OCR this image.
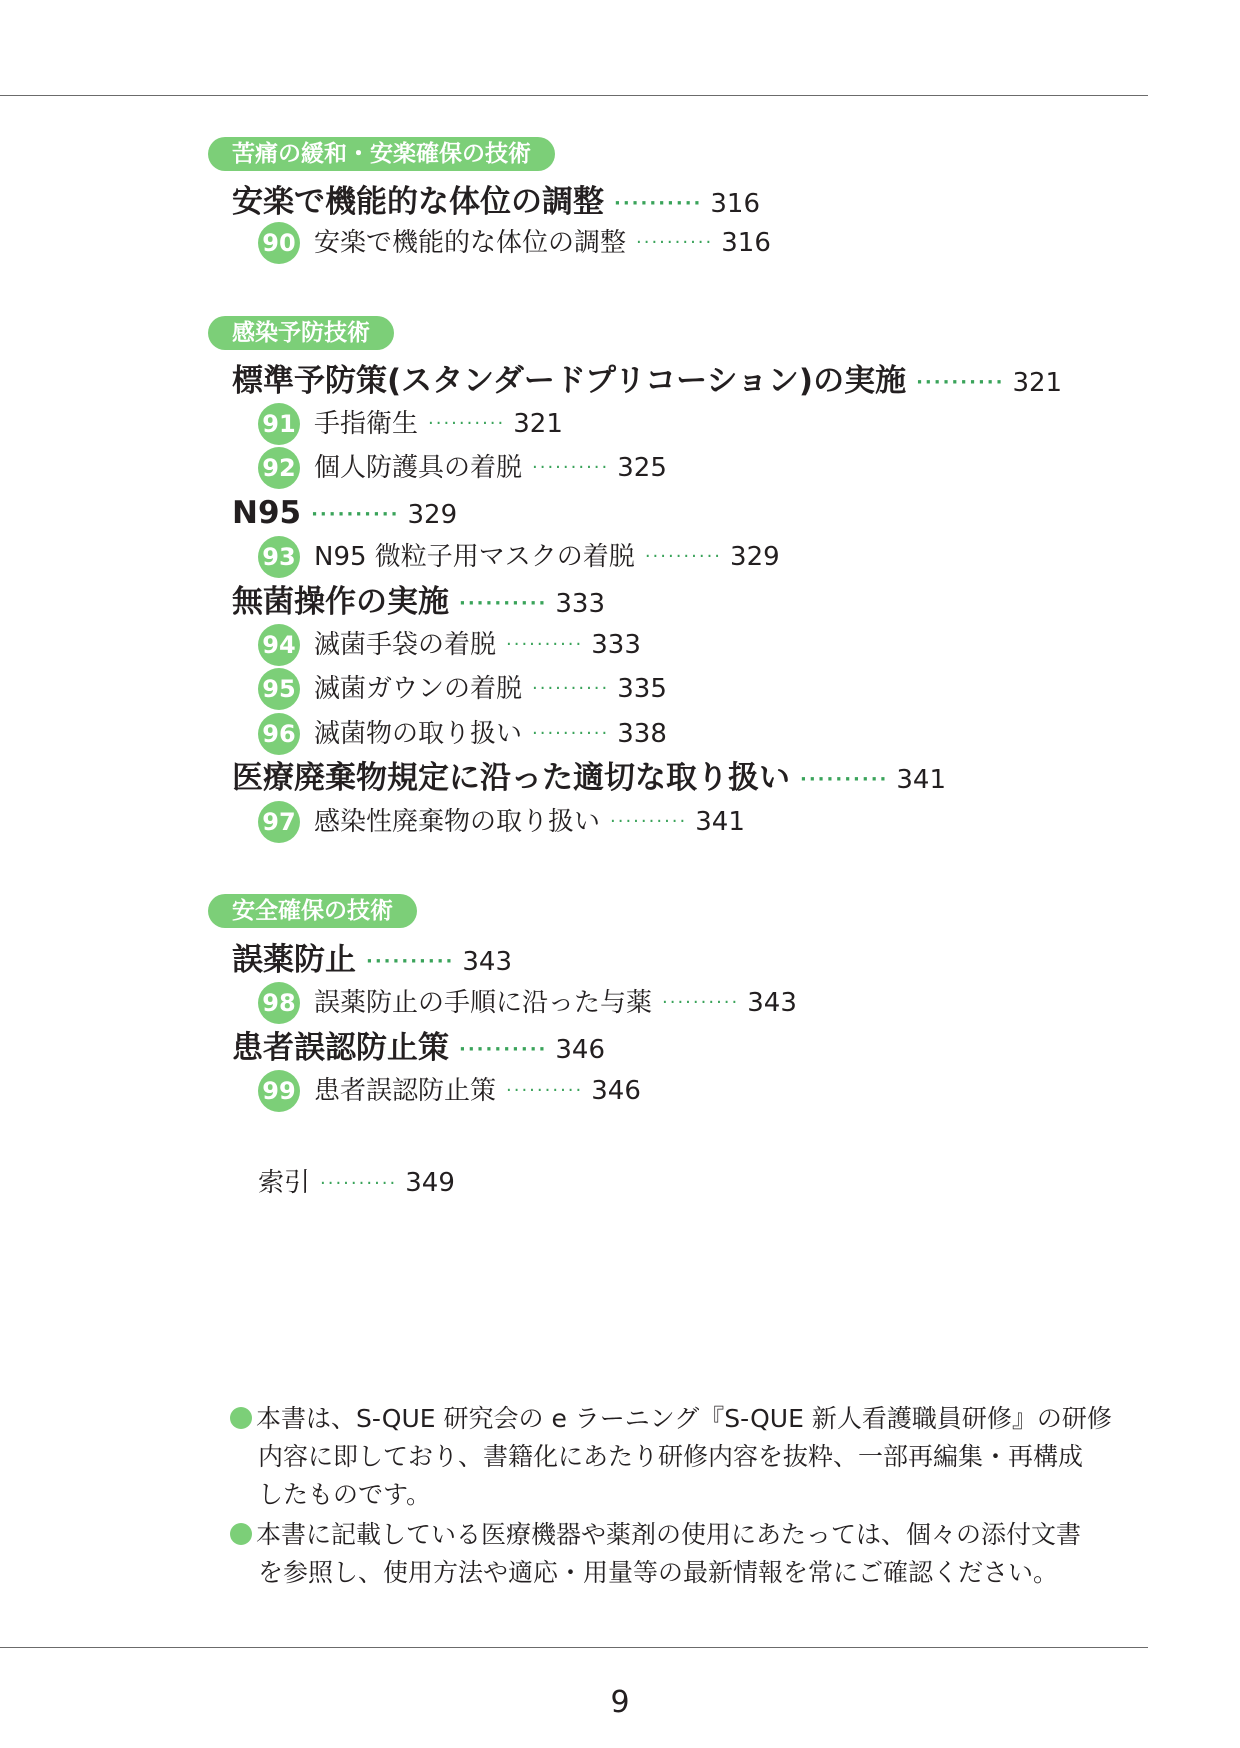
苦痛の緩和・安楽確保の技術
安楽で機能的な体位の調整 ·········· 316
90 安楽で機能的な体位の調整 ·········· 316
感染予防技術
標準予防策(スタンダードプリコーション)の実施 ·········· 321
91 手指衛生 ·········· 321
92 個人防護具の着脱 ·········· 325
N95 ·········· 329
93 N95 微粒子用マスクの着脱 ·········· 329
無菌操作の実施 ·········· 333
94 滅菌手袋の着脱 ·········· 333
95 滅菌ガウンの着脱 ·········· 335
96 滅菌物の取り扱い ·········· 338
医療廃棄物規定に沿った適切な取り扱い ·········· 341
97 感染性廃棄物の取り扱い ·········· 341
安全確保の技術
誤薬防止 ·········· 343
98 誤薬防止の手順に沿った与薬 ·········· 343
患者誤認防止策 ·········· 346
99 患者誤認防止策 ·········· 346
索引 ·········· 349
本書は、S-QUE 研究会の e ラーニング『S-QUE 新人看護職員研修』の研修
内容に即しており、書籍化にあたり研修内容を抜粋、一部再編集・再構成
したものです。
本書に記載している医療機器や薬剤の使用にあたっては、個々の添付文書
を参照し、使用方法や適応・用量等の最新情報を常にご確認ください。
9
